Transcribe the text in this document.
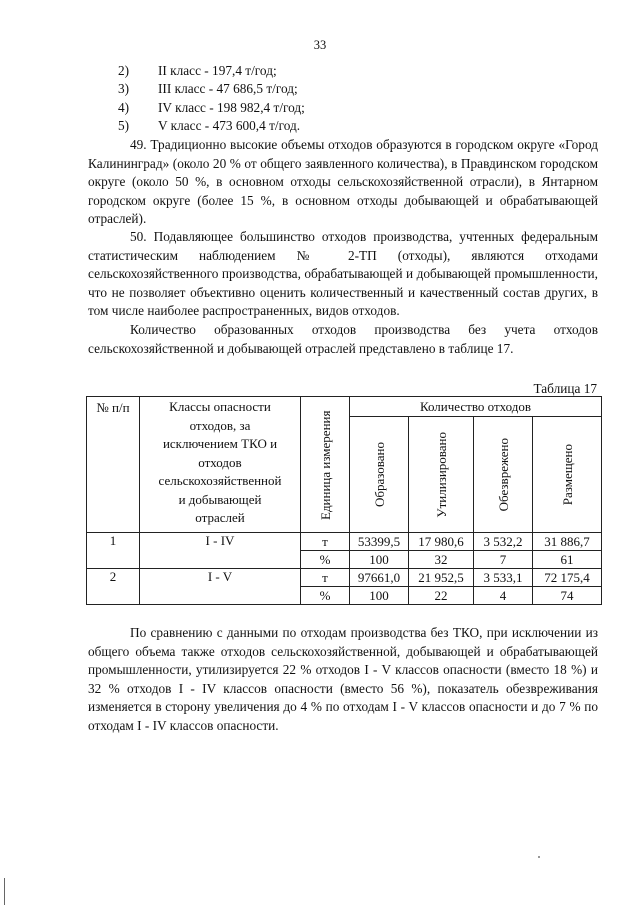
33
2) II класс - 197,4 т/год;
3) III класс - 47 686,5 т/год;
4) IV класс - 198 982,4 т/год;
5) V класс - 473 600,4 т/год.
49. Традиционно высокие объемы отходов образуются в городском округе «Город Калининград» (около 20 % от общего заявленного количества), в Правдинском городском округе (около 50 %, в основном отходы сельскохозяйственной отрасли), в Янтарном городском округе (более 15 %, в основном отходы добывающей и обрабатывающей отраслей).
50. Подавляющее большинство отходов производства, учтенных федеральным статистическим наблюдением № 2-ТП (отходы), являются отходами сельскохозяйственного производства, обрабатывающей и добывающей промышленности, что не позволяет объективно оценить количественный и качественный состав других, в том числе наиболее распространенных, видов отходов.
Количество образованных отходов производства без учета отходов сельскохозяйственной и добывающей отраслей представлено в таблице 17.
Таблица 17
№ п/п	Классы опасности отходов, за исключением ТКО и отходов сельскохозяйственной и добывающей отраслей	Единица измерения	Количество отходов			

			Образовано	Утилизировано	Обезврежено	Размещено

1	I - IV	т	53399,5	17 980,6	3 532,2	31 886,7
		%	100	32	7	61
2	I - V	т	97661,0	21 952,5	3 533,1	72 175,4
		%	100	22	4	74
По сравнению с данными по отходам производства без ТКО, при исключении из общего объема также отходов сельскохозяйственной, добывающей и обрабатывающей промышленности, утилизируется 22 % отходов I - V классов опасности (вместо 18 %) и 32 % отходов I - IV классов опасности (вместо 56 %), показатель обезвреживания изменяется в сторону увеличения до 4 % по отходам I - V классов опасности и до 7 % по отходам I - IV классов опасности.
